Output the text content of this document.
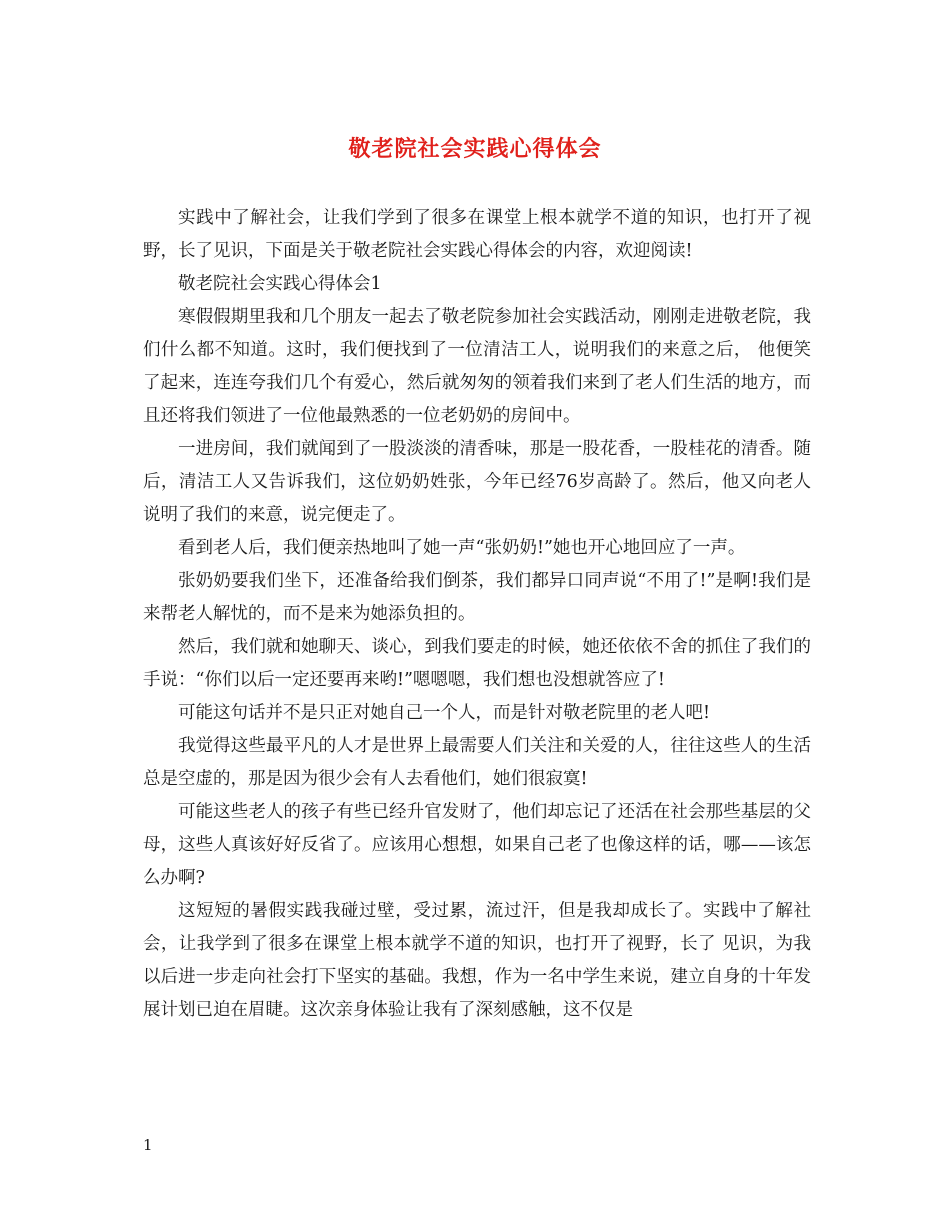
敬老院社会实践心得体会

实践中了解社会，让我们学到了很多在课堂上根本就学不道的知识，也打开了视野，长了见识，下面是关于敬老院社会实践心得体会的内容，欢迎阅读!

敬老院社会实践心得体会1

寒假假期里我和几个朋友一起去了敬老院参加社会实践活动，刚刚走进敬老院，我们什么都不知道。这时，我们便找到了一位清洁工人，说明我们的来意之后， 他便笑了起来，连连夸我们几个有爱心，然后就匆匆的领着我们来到了老人们生活的地方，而且还将我们领进了一位他最熟悉的一位老奶奶的房间中。

一进房间，我们就闻到了一股淡淡的清香味，那是一股花香，一股桂花的清香。随后，清洁工人又告诉我们，这位奶奶姓张，今年已经76岁高龄了。然后，他又向老人说明了我们的来意，说完便走了。

看到老人后，我们便亲热地叫了她一声“张奶奶!”她也开心地回应了一声。

张奶奶要我们坐下，还准备给我们倒茶，我们都异口同声说“不用了!”是啊!我们是来帮老人解忧的，而不是来为她添负担的。

然后，我们就和她聊天、谈心，到我们要走的时候，她还依依不舍的抓住了我们的手说：“你们以后一定还要再来哟!”嗯嗯嗯，我们想也没想就答应了!

可能这句话并不是只正对她自己一个人，而是针对敬老院里的老人吧!

我觉得这些最平凡的人才是世界上最需要人们关注和关爱的人，往往这些人的生活总是空虚的，那是因为很少会有人去看他们，她们很寂寞!

可能这些老人的孩子有些已经升官发财了，他们却忘记了还活在社会那些基层的父母，这些人真该好好反省了。应该用心想想，如果自己老了也像这样的话，哪——该怎么办啊?

这短短的暑假实践我碰过壁，受过累，流过汗，但是我却成长了。实践中了解社会，让我学到了很多在课堂上根本就学不道的知识，也打开了视野，长了 见识，为我以后进一步走向社会打下坚实的基础。我想，作为一名中学生来说，建立自身的十年发展计划已迫在眉睫。这次亲身体验让我有了深刻感触，这不仅是

1
